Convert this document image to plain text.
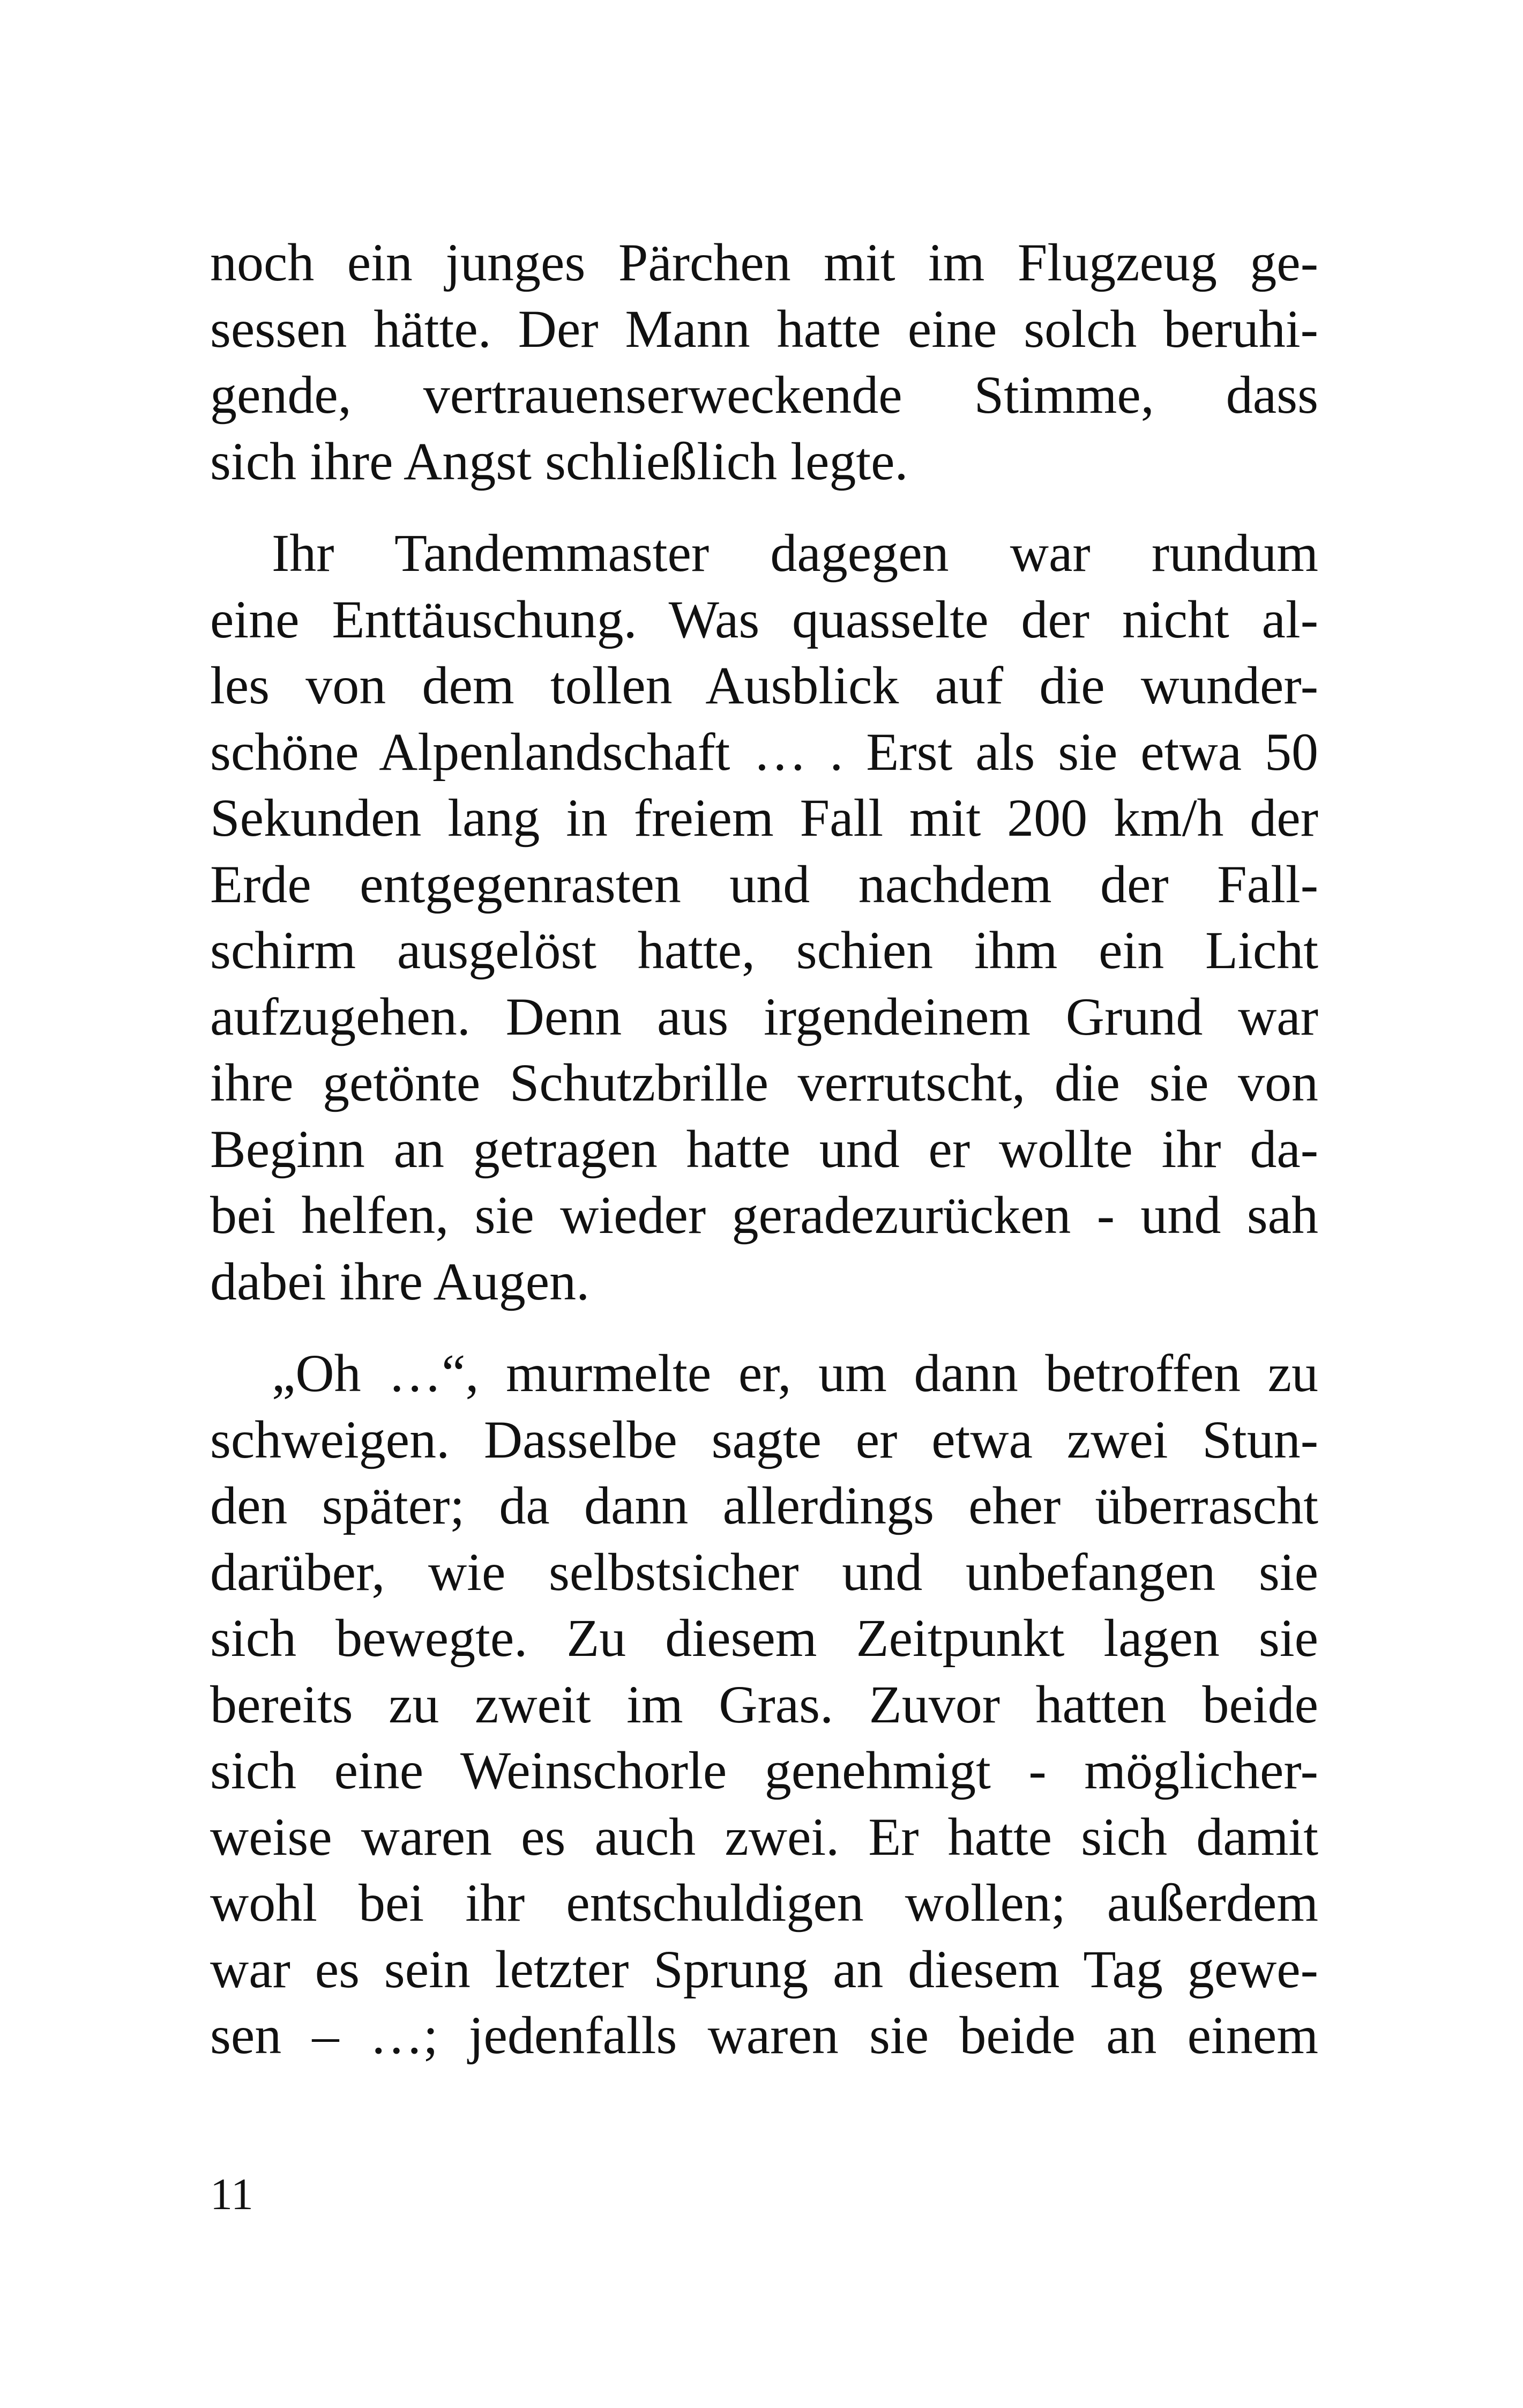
noch ein junges Pärchen mit im Flugzeug ge-
sessen hätte. Der Mann hatte eine solch beruhi-
gende, vertrauenserweckende Stimme, dass
sich ihre Angst schließlich legte.
Ihr Tandemmaster dagegen war rundum
eine Enttäuschung. Was quasselte der nicht al-
les von dem tollen Ausblick auf die wunder-
schöne Alpenlandschaft … . Erst als sie etwa 50
Sekunden lang in freiem Fall mit 200 km/h der
Erde entgegenrasten und nachdem der Fall-
schirm ausgelöst hatte, schien ihm ein Licht
aufzugehen. Denn aus irgendeinem Grund war
ihre getönte Schutzbrille verrutscht, die sie von
Beginn an getragen hatte und er wollte ihr da-
bei helfen, sie wieder geradezurücken - und sah
dabei ihre Augen.
„Oh …“, murmelte er, um dann betroffen zu
schweigen. Dasselbe sagte er etwa zwei Stun-
den später; da dann allerdings eher überrascht
darüber, wie selbstsicher und unbefangen sie
sich bewegte. Zu diesem Zeitpunkt lagen sie
bereits zu zweit im Gras. Zuvor hatten beide
sich eine Weinschorle genehmigt - möglicher-
weise waren es auch zwei. Er hatte sich damit
wohl bei ihr entschuldigen wollen; außerdem
war es sein letzter Sprung an diesem Tag gewe-
sen – …; jedenfalls waren sie beide an einem
11
